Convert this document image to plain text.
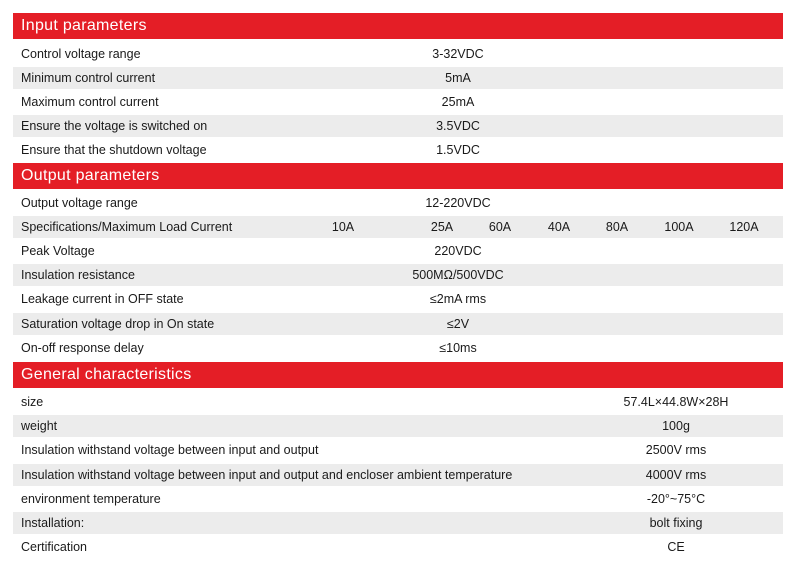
Input parameters
Control voltage range	3-32VDC
Minimum control current	5mA
Maximum control current	25mA
Ensure the voltage is switched on	3.5VDC
Ensure that the shutdown voltage	1.5VDC
Output parameters
Output voltage range	12-220VDC
Specifications/Maximum Load Current	10A	25A	60A	40A	80A	100A	120A
Peak Voltage	220VDC
Insulation resistance	500MΩ/500VDC
Leakage current in OFF state	≤2mA rms
Saturation voltage drop in On state	≤2V
On-off response delay	≤10ms
General characteristics
size	57.4L×44.8W×28H
weight	100g
Insulation withstand voltage between input and output	2500V rms
Insulation withstand voltage between input and output and encloser ambient temperature	4000V rms
environment temperature	-20°~75°C
Installation:	bolt fixing
Certification	CE
